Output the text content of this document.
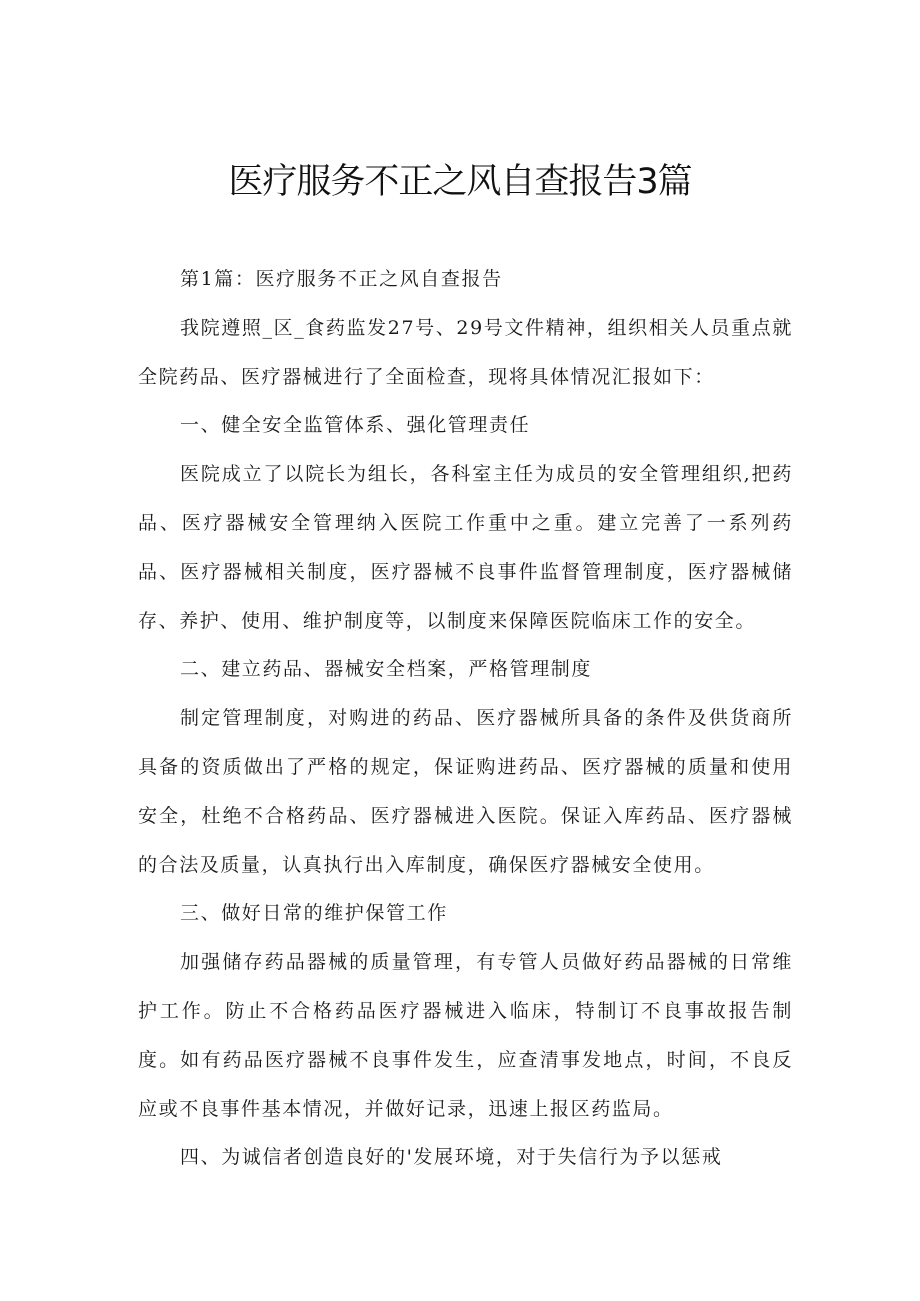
医疗服务不正之风自查报告3篇

第1篇：医疗服务不正之风自查报告

我院遵照_区_食药监发27号、29号文件精神，组织相关人员重点就全院药品、医疗器械进行了全面检查，现将具体情况汇报如下：

一、健全安全监管体系、强化管理责任

医院成立了以院长为组长，各科室主任为成员的安全管理组织,把药品、医疗器械安全管理纳入医院工作重中之重。建立完善了一系列药品、医疗器械相关制度，医疗器械不良事件监督管理制度，医疗器械储存、养护、使用、维护制度等，以制度来保障医院临床工作的安全。

二、建立药品、器械安全档案，严格管理制度

制定管理制度，对购进的药品、医疗器械所具备的条件及供货商所具备的资质做出了严格的规定，保证购进药品、医疗器械的质量和使用安全，杜绝不合格药品、医疗器械进入医院。保证入库药品、医疗器械的合法及质量，认真执行出入库制度，确保医疗器械安全使用。

三、做好日常的维护保管工作

加强储存药品器械的质量管理，有专管人员做好药品器械的日常维护工作。防止不合格药品医疗器械进入临床，特制订不良事故报告制度。如有药品医疗器械不良事件发生，应查清事发地点，时间，不良反应或不良事件基本情况，并做好记录，迅速上报区药监局。

四、为诚信者创造良好的'发展环境，对于失信行为予以惩戒
